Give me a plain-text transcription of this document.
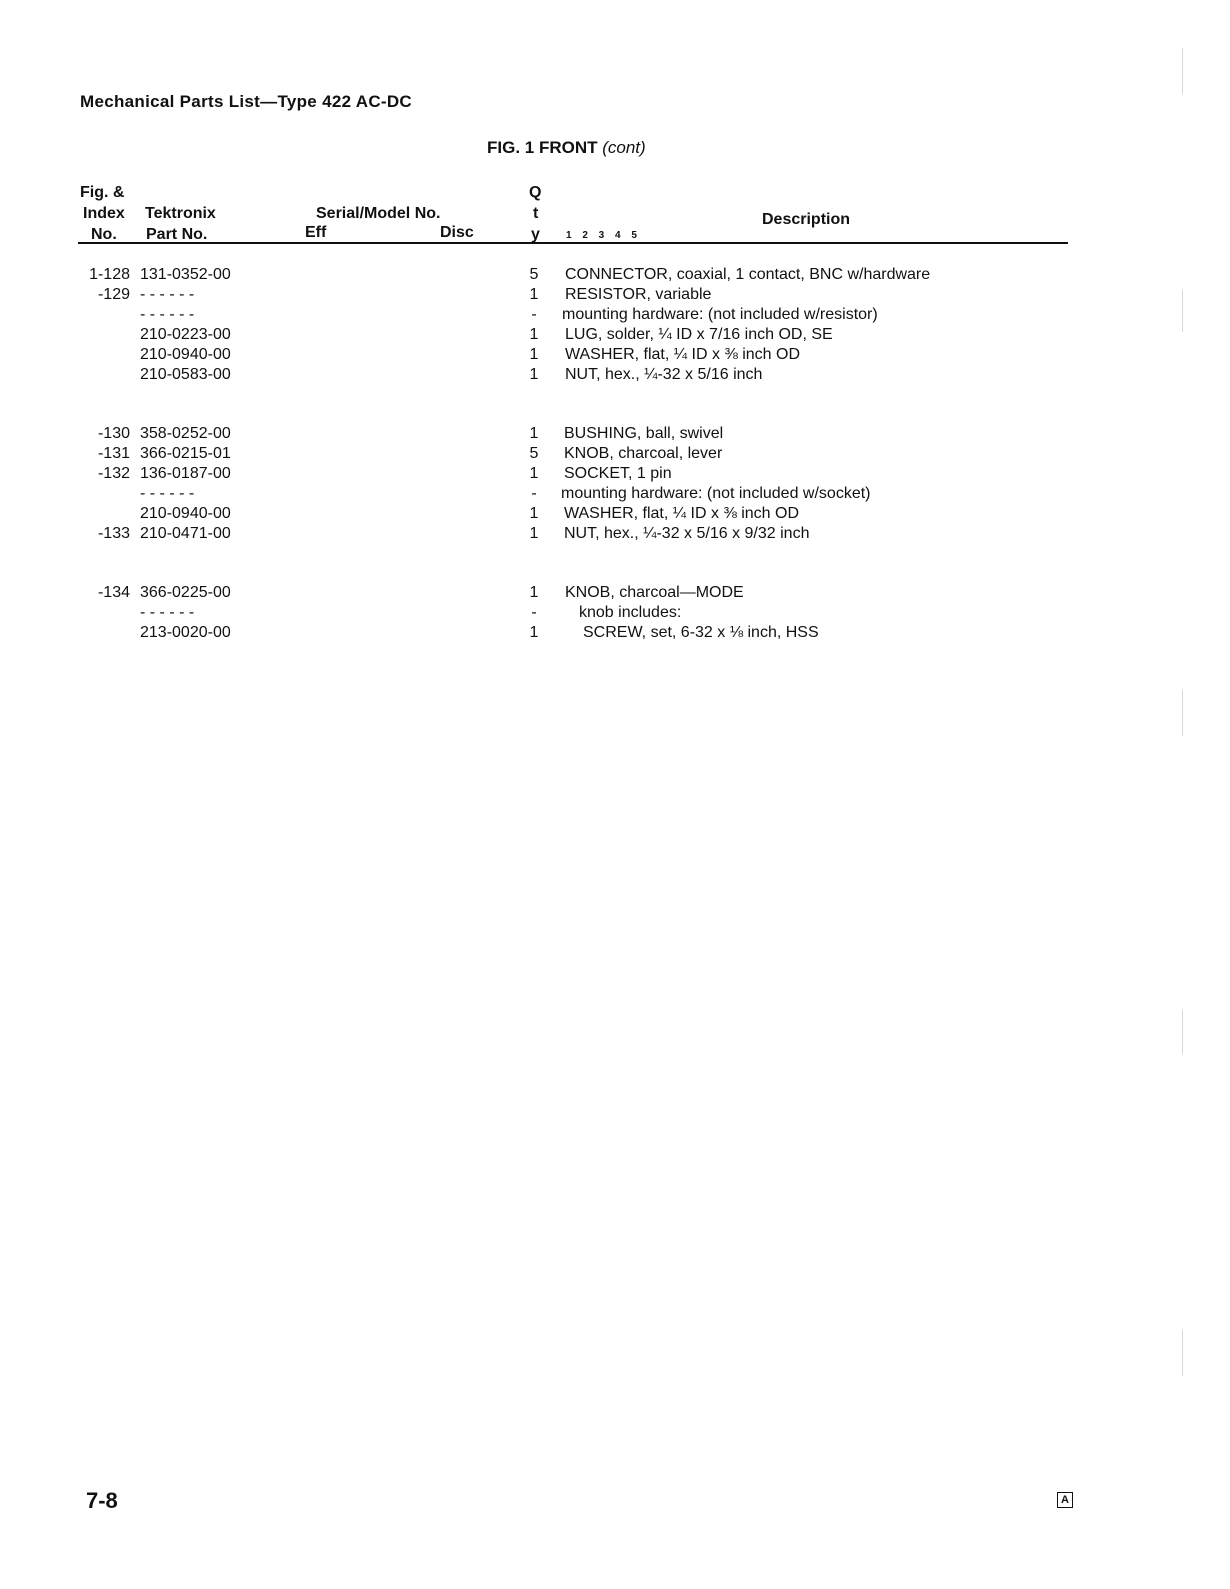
Mechanical Parts List—Type 422 AC-DC
FIG. 1 FRONT (cont)
Fig. &
Index
No.
Tektronix
Part No.
Serial/Model No.
Eff	Disc
Q
t
y	1 2 3 4 5
Description
1-128 131-0352-00	5 CONNECTOR, coaxial, 1 contact, BNC w/hardware
-129 - - - - - -	1 RESISTOR, variable
- - - - - -	- mounting hardware: (not included w/resistor)
210-0223-00	1 LUG, solder, ¼ ID x 7/16 inch OD, SE
210-0940-00	1 WASHER, flat, ¼ ID x ⅜ inch OD
210-0583-00	1 NUT, hex., ¼-32 x 5/16 inch
-130 358-0252-00	1 BUSHING, ball, swivel
-131 366-0215-01	5 KNOB, charcoal, lever
-132 136-0187-00	1 SOCKET, 1 pin
- - - - - -	- mounting hardware: (not included w/socket)
210-0940-00	1 WASHER, flat, ¼ ID x ⅜ inch OD
-133 210-0471-00	1 NUT, hex., ¼-32 x 5/16 x 9/32 inch
-134 366-0225-00	1 KNOB, charcoal—MODE
- - - - - -	-	knob includes:
213-0020-00	1	SCREW, set, 6-32 x ⅛ inch, HSS
7-8	A
